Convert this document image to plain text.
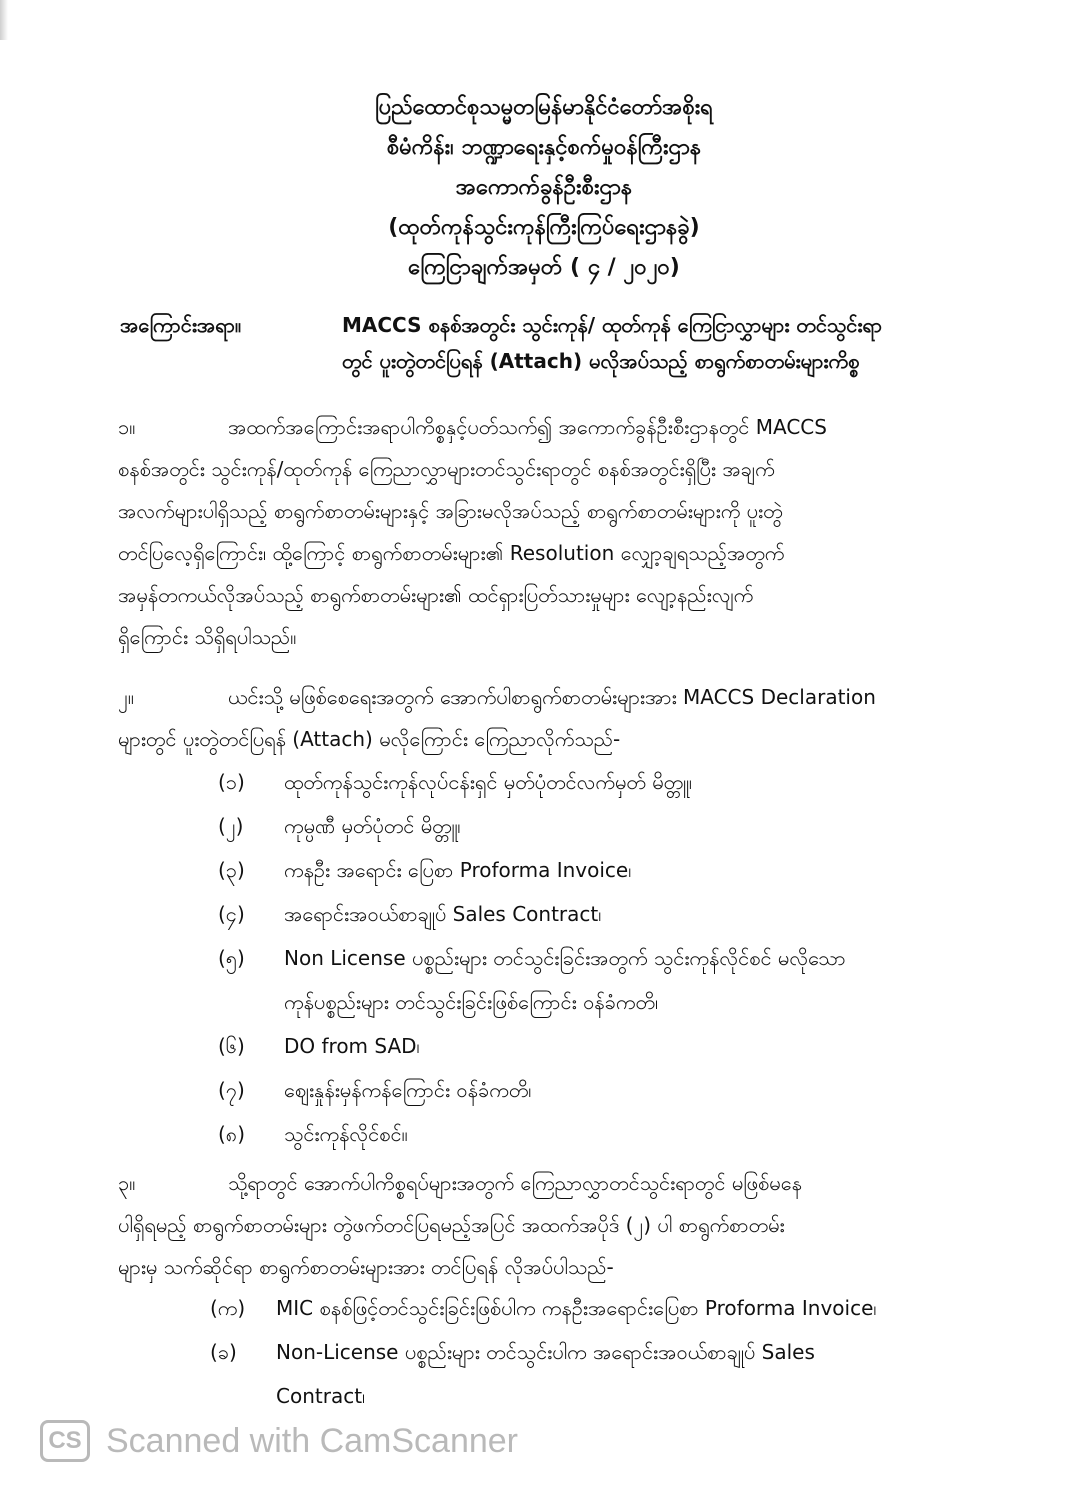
ပြည်ထောင်စုသမ္မတမြန်မာနိုင်ငံတော်အစိုးရ
စီမံကိန်း၊ ဘဏ္ဍာရေးနှင့်စက်မှုဝန်ကြီးဌာန
အကောက်ခွန်ဦးစီးဌာန
(ထုတ်ကုန်သွင်းကုန်ကြီးကြပ်ရေးဌာနခွဲ)
ကြေငြာချက်အမှတ် ( ၄ / ၂၀၂၀)
အကြောင်းအရာ။	MACCS စနစ်အတွင်း သွင်းကုန်/ ထုတ်ကုန် ကြေငြာလွှာများ တင်သွင်းရာ
တွင် ပူးတွဲတင်ပြရန် (Attach) မလိုအပ်သည့် စာရွက်စာတမ်းများကိစ္စ
၁။	အထက်အကြောင်းအရာပါကိစ္စနှင့်ပတ်သက်၍ အကောက်ခွန်ဦးစီးဌာနတွင် MACCS
စနစ်အတွင်း သွင်းကုန်/ထုတ်ကုန် ကြေညာလွှာများတင်သွင်းရာတွင် စနစ်အတွင်းရှိပြီး အချက်
အလက်များပါရှိသည့် စာရွက်စာတမ်းများနှင့် အခြားမလိုအပ်သည့် စာရွက်စာတမ်းများကို ပူးတွဲ
တင်ပြလေ့ရှိကြောင်း၊ ထို့ကြောင့် စာရွက်စာတမ်းများ၏ Resolution လျှော့ချရသည့်အတွက်
အမှန်တကယ်လိုအပ်သည့် စာရွက်စာတမ်းများ၏ ထင်ရှားပြတ်သားမှုများ လျော့နည်းလျက်
ရှိကြောင်း သိရှိရပါသည်။
၂။	ယင်းသို့ မဖြစ်စေရေးအတွက် အောက်ပါစာရွက်စာတမ်းများအား MACCS Declaration
များတွင် ပူးတွဲတင်ပြရန် (Attach) မလိုကြောင်း ကြေညာလိုက်သည်-
(၁) ထုတ်ကုန်သွင်းကုန်လုပ်ငန်းရှင် မှတ်ပုံတင်လက်မှတ် မိတ္တူ၊
(၂) ကုမ္ပဏီ မှတ်ပုံတင် မိတ္တူ၊
(၃) ကနဦး အရောင်း ပြေစာ Proforma Invoice၊
(၄) အရောင်းအဝယ်စာချုပ် Sales Contract၊
(၅) Non License ပစ္စည်းများ တင်သွင်းခြင်းအတွက် သွင်းကုန်လိုင်စင် မလိုသော
ကုန်ပစ္စည်းများ တင်သွင်းခြင်းဖြစ်ကြောင်း ဝန်ခံကတိ၊
(၆) DO from SAD၊
(၇) ဈေးနှုန်းမှန်ကန်ကြောင်း ဝန်ခံကတိ၊
(၈) သွင်းကုန်လိုင်စင်။
၃။	သို့ရာတွင် အောက်ပါကိစ္စရပ်များအတွက် ကြေညာလွှာတင်သွင်းရာတွင် မဖြစ်မနေ
ပါရှိရမည့် စာရွက်စာတမ်းများ တွဲဖက်တင်ပြရမည့်အပြင် အထက်အပိုဒ် (၂) ပါ စာရွက်စာတမ်း
များမှ သက်ဆိုင်ရာ စာရွက်စာတမ်းများအား တင်ပြရန် လိုအပ်ပါသည်-
(က) MIC စနစ်ဖြင့်တင်သွင်းခြင်းဖြစ်ပါက ကနဦးအရောင်းပြေစာ Proforma Invoice၊
(ခ) Non-License ပစ္စည်းများ တင်သွင်းပါက အရောင်းအဝယ်စာချုပ် Sales
Contract၊
CS Scanned with CamScanner
